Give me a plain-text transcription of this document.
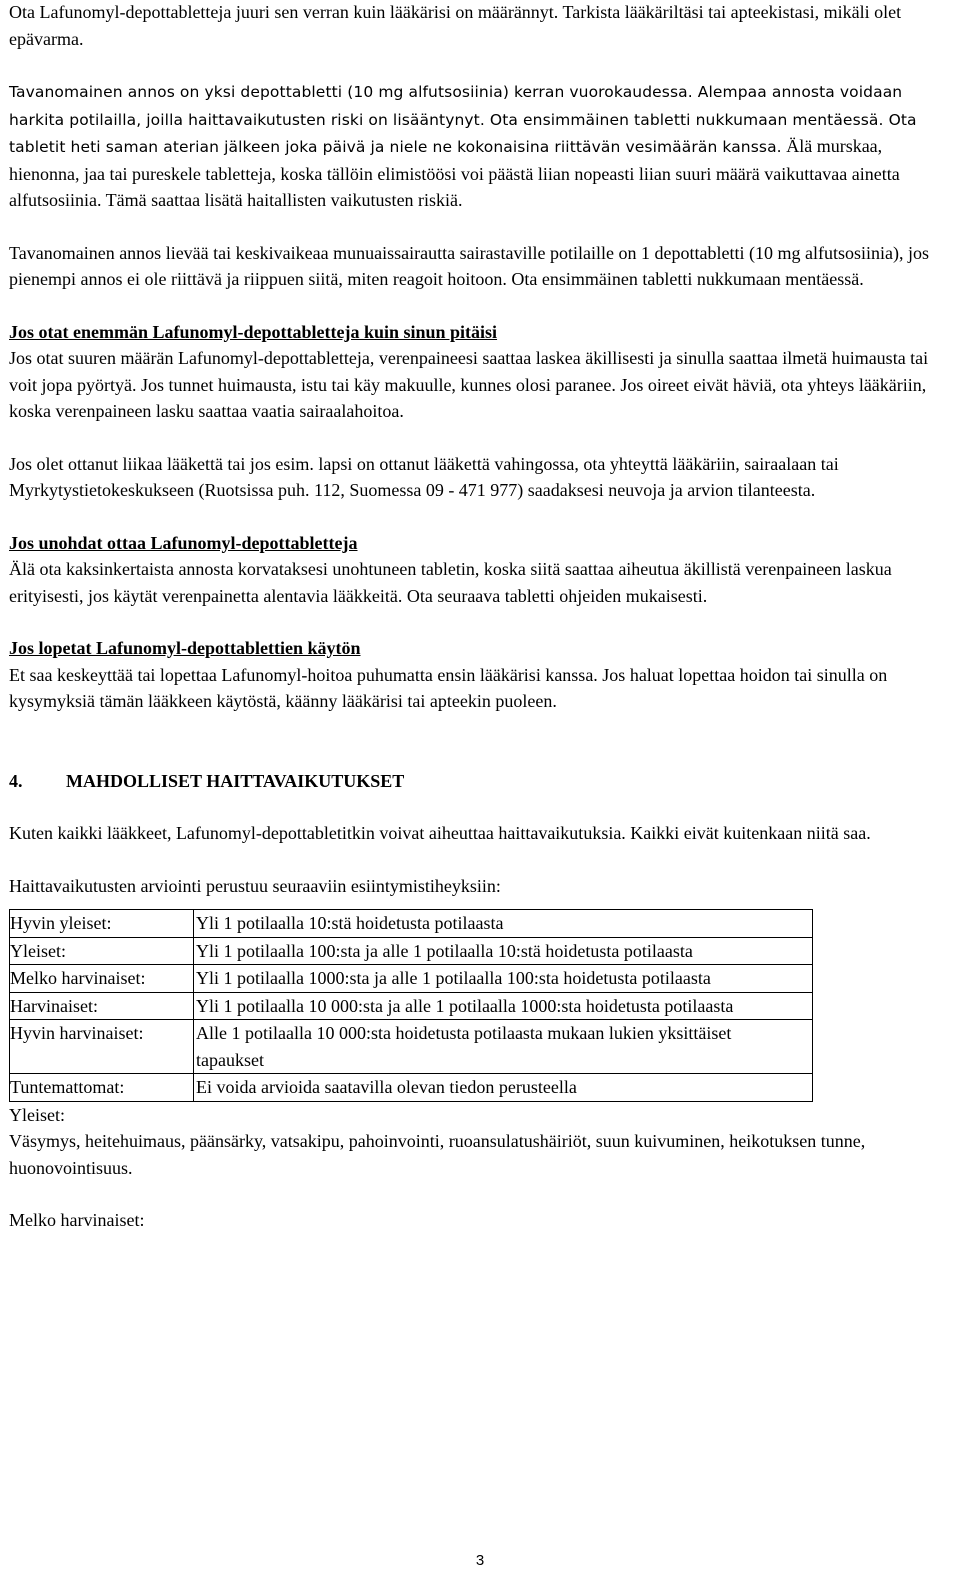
Ota Lafunomyl-depottabletteja juuri sen verran kuin lääkärisi on määrännyt. Tarkista lääkäriltäsi tai apteekistasi, mikäli olet epävarma.

Tavanomainen annos on yksi depottabletti (10 mg alfutsosiinia) kerran vuorokaudessa. Alempaa annosta voidaan harkita potilailla, joilla haittavaikutusten riski on lisääntynyt. Ota ensimmäinen tabletti nukkumaan mentäessä. Ota tabletit heti saman aterian jälkeen joka päivä ja niele ne kokonaisina riittävän vesimäärän kanssa. Älä murskaa, hienonna, jaa tai pureskele tabletteja, koska tällöin elimistöösi voi päästä liian nopeasti liian suuri määrä vaikuttavaa ainetta alfutsosiinia. Tämä saattaa lisätä haitallisten vaikutusten riskiä.

Tavanomainen annos lievää tai keskivaikeaa munuaissairautta sairastaville potilaille on 1 depottabletti (10 mg alfutsosiinia), jos pienempi annos ei ole riittävä ja riippuen siitä, miten reagoit hoitoon. Ota ensimmäinen tabletti nukkumaan mentäessä.

Jos otat enemmän Lafunomyl-depottabletteja kuin sinun pitäisi

Jos otat suuren määrän Lafunomyl-depottabletteja, verenpaineesi saattaa laskea äkillisesti ja sinulla saattaa ilmetä huimausta tai voit jopa pyörtyä. Jos tunnet huimausta, istu tai käy makuulle, kunnes olosi paranee. Jos oireet eivät häviä, ota yhteys lääkäriin, koska verenpaineen lasku saattaa vaatia sairaalahoitoa.

Jos olet ottanut liikaa lääkettä tai jos esim. lapsi on ottanut lääkettä vahingossa, ota yhteyttä lääkäriin, sairaalaan tai Myrkytystietokeskukseen (Ruotsissa puh. 112, Suomessa 09 - 471 977) saadaksesi neuvoja ja arvion tilanteesta.

Jos unohdat ottaa Lafunomyl-depottabletteja

Älä ota kaksinkertaista annosta korvataksesi unohtuneen tabletin, koska siitä saattaa aiheutua äkillistä verenpaineen laskua erityisesti, jos käytät verenpainetta alentavia lääkkeitä. Ota seuraava tabletti ohjeiden mukaisesti.

Jos lopetat Lafunomyl-depottablettien käytön

Et saa keskeyttää tai lopettaa Lafunomyl-hoitoa puhumatta ensin lääkärisi kanssa. Jos haluat lopettaa hoidon tai sinulla on kysymyksiä tämän lääkkeen käytöstä, käänny lääkärisi tai apteekin puoleen.

4.	MAHDOLLISET HAITTAVAIKUTUKSET

Kuten kaikki lääkkeet, Lafunomyl-depottabletitkin voivat aiheuttaa haittavaikutuksia. Kaikki eivät kuitenkaan niitä saa.

Haittavaikutusten arviointi perustuu seuraaviin esiintymistiheyksiin:

Hyvin yleiset:	Yli 1 potilaalla 10:stä hoidetusta potilaasta
Yleiset:	Yli 1 potilaalla 100:sta ja alle 1 potilaalla 10:stä hoidetusta potilaasta
Melko harvinaiset:	Yli 1 potilaalla 1000:sta ja alle 1 potilaalla 100:sta hoidetusta potilaasta
Harvinaiset:	Yli 1 potilaalla 10 000:sta ja alle 1 potilaalla 1000:sta hoidetusta potilaasta
Hyvin harvinaiset:	Alle 1 potilaalla 10 000:sta hoidetusta potilaasta mukaan lukien yksittäiset tapaukset
Tuntemattomat:	Ei voida arvioida saatavilla olevan tiedon perusteella

Yleiset:

Väsymys, heitehuimaus, päänsärky, vatsakipu, pahoinvointi, ruoansulatushäiriöt, suun kuivuminen, heikotuksen tunne, huonovointisuus.

Melko harvinaiset:

3
